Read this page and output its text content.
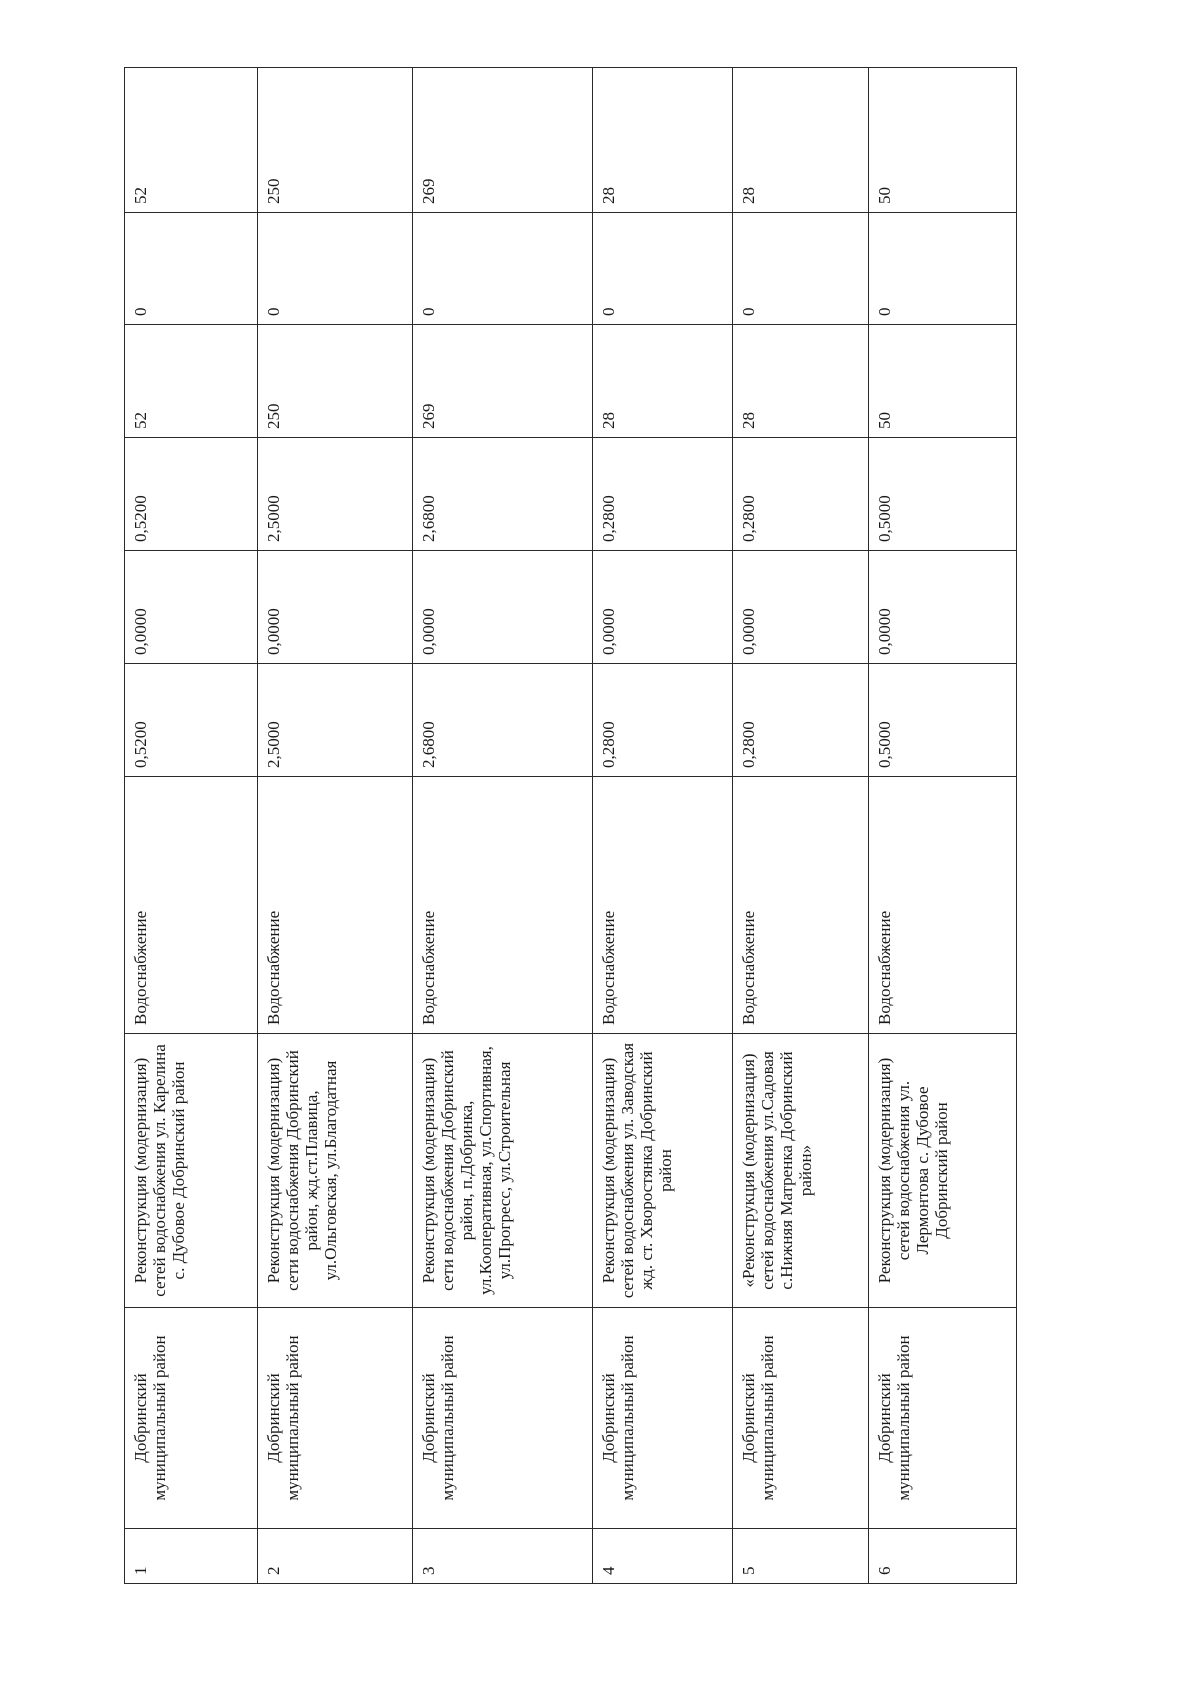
1	Добринский муниципальный район	Реконструкция (модернизация) сетей водоснабжения ул. Карелина с. Дубовое Добринский район	Водоснабжение	0,5200	0,0000	0,5200	52	0	52
2	Добринский муниципальный район	Реконструкция (модернизация) сети водоснабжения Добринский район, жд.ст.Плавица, ул.Ольговская, ул.Благодатная	Водоснабжение	2,5000	0,0000	2,5000	250	0	250
3	Добринский муниципальный район	Реконструкция (модернизация) сети водоснабжения Добринский район, п.Добринка, ул.Кооперативная, ул.Спортивная, ул.Прогресс, ул.Строительная	Водоснабжение	2,6800	0,0000	2,6800	269	0	269
4	Добринский муниципальный район	Реконструкция (модернизация) сетей водоснабжения ул. Заводская жд. ст. Хворостянка Добринский район	Водоснабжение	0,2800	0,0000	0,2800	28	0	28
5	Добринский муниципальный район	«Реконструкция (модернизация) сетей водоснабжения ул.Садовая с.Нижняя Матренка Добринский район»	Водоснабжение	0,2800	0,0000	0,2800	28	0	28
6	Добринский муниципальный район	Реконструкция (модернизация) сетей водоснабжения ул. Лермонтова с. Дубовое Добринский район	Водоснабжение	0,5000	0,0000	0,5000	50	0	50
